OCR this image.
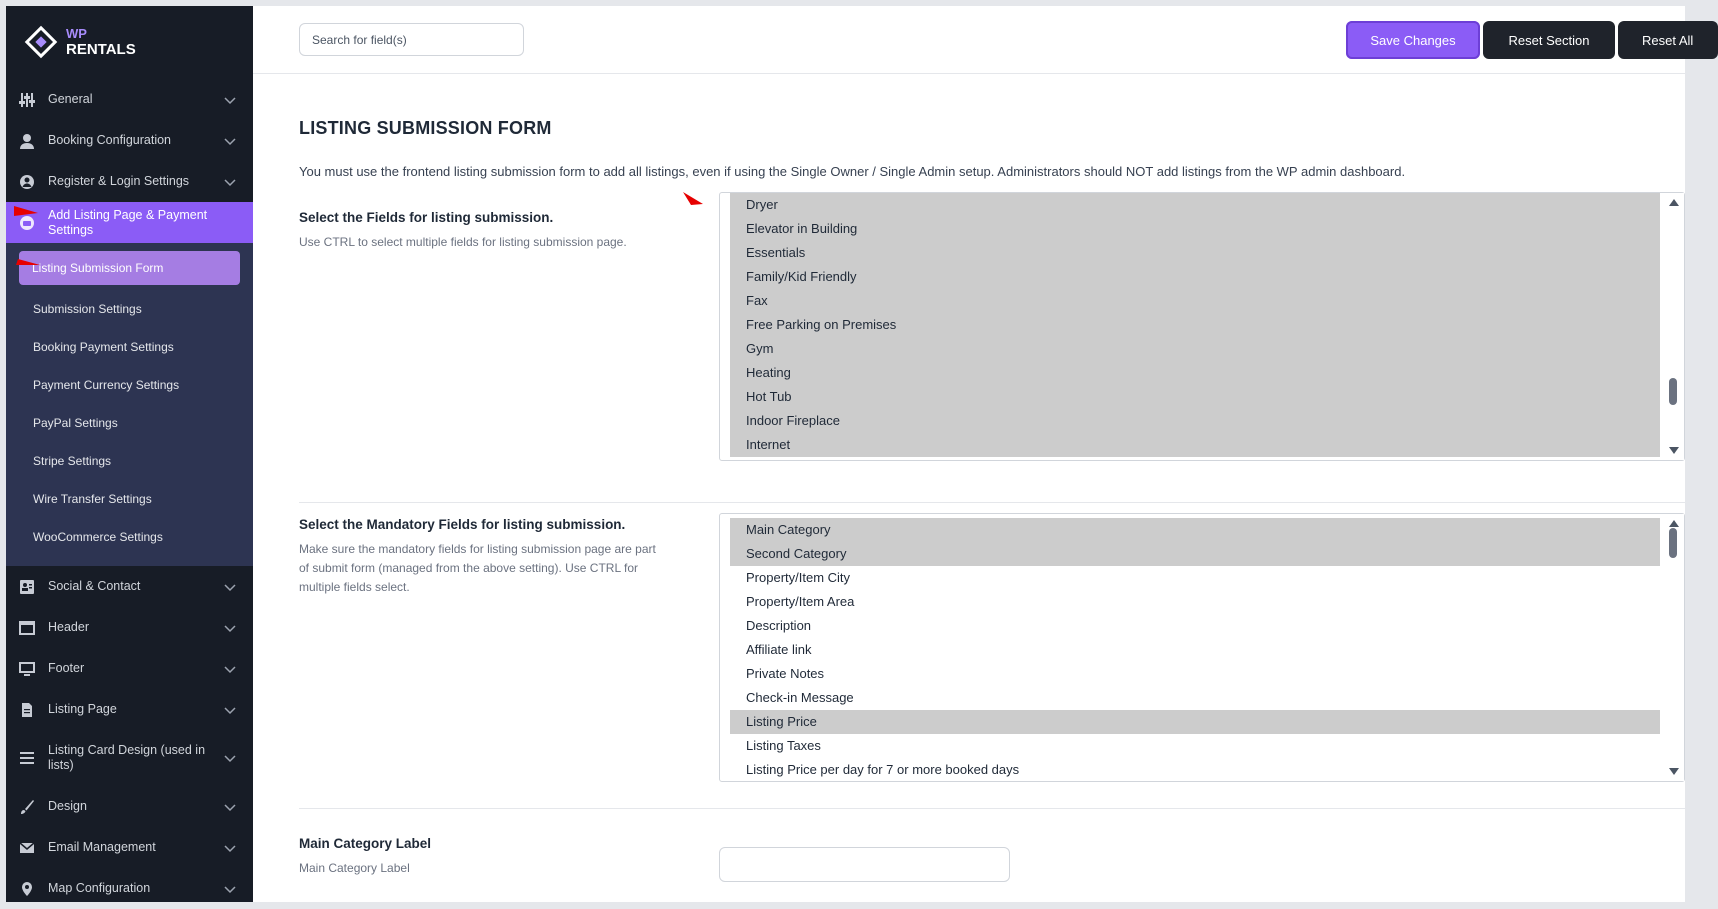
WP
RENTALS
General
Booking Configuration
Register & Login Settings
Add Listing Page & Payment Settings
Listing Submission Form
Submission Settings
Booking Payment Settings
Payment Currency Settings
PayPal Settings
Stripe Settings
Wire Transfer Settings
WooCommerce Settings
Social & Contact
Header
Footer
Listing Page
Listing Card Design (used in lists)
Design
Email Management
Map Configuration
Search for field(s)
Save Changes	Reset Section	Reset All
LISTING SUBMISSION FORM

You must use the frontend listing submission form to add all listings, even if using the Single Owner / Single Admin setup. Administrators should NOT add listings from the WP admin dashboard.

Select the Fields for listing submission.
Use CTRL to select multiple fields for listing submission page.
Dryer
Elevator in Building
Essentials
Family/Kid Friendly
Fax
Free Parking on Premises
Gym
Heating
Hot Tub
Indoor Fireplace
Internet
Select the Mandatory Fields for listing submission.
Make sure the mandatory fields for listing submission page are part of submit form (managed from the above setting). Use CTRL for multiple fields select.
Main Category
Second Category
Property/Item City
Property/Item Area
Description
Affiliate link
Private Notes
Check-in Message
Listing Price
Listing Taxes
Listing Price per day for 7 or more booked days
Main Category Label
Main Category Label
